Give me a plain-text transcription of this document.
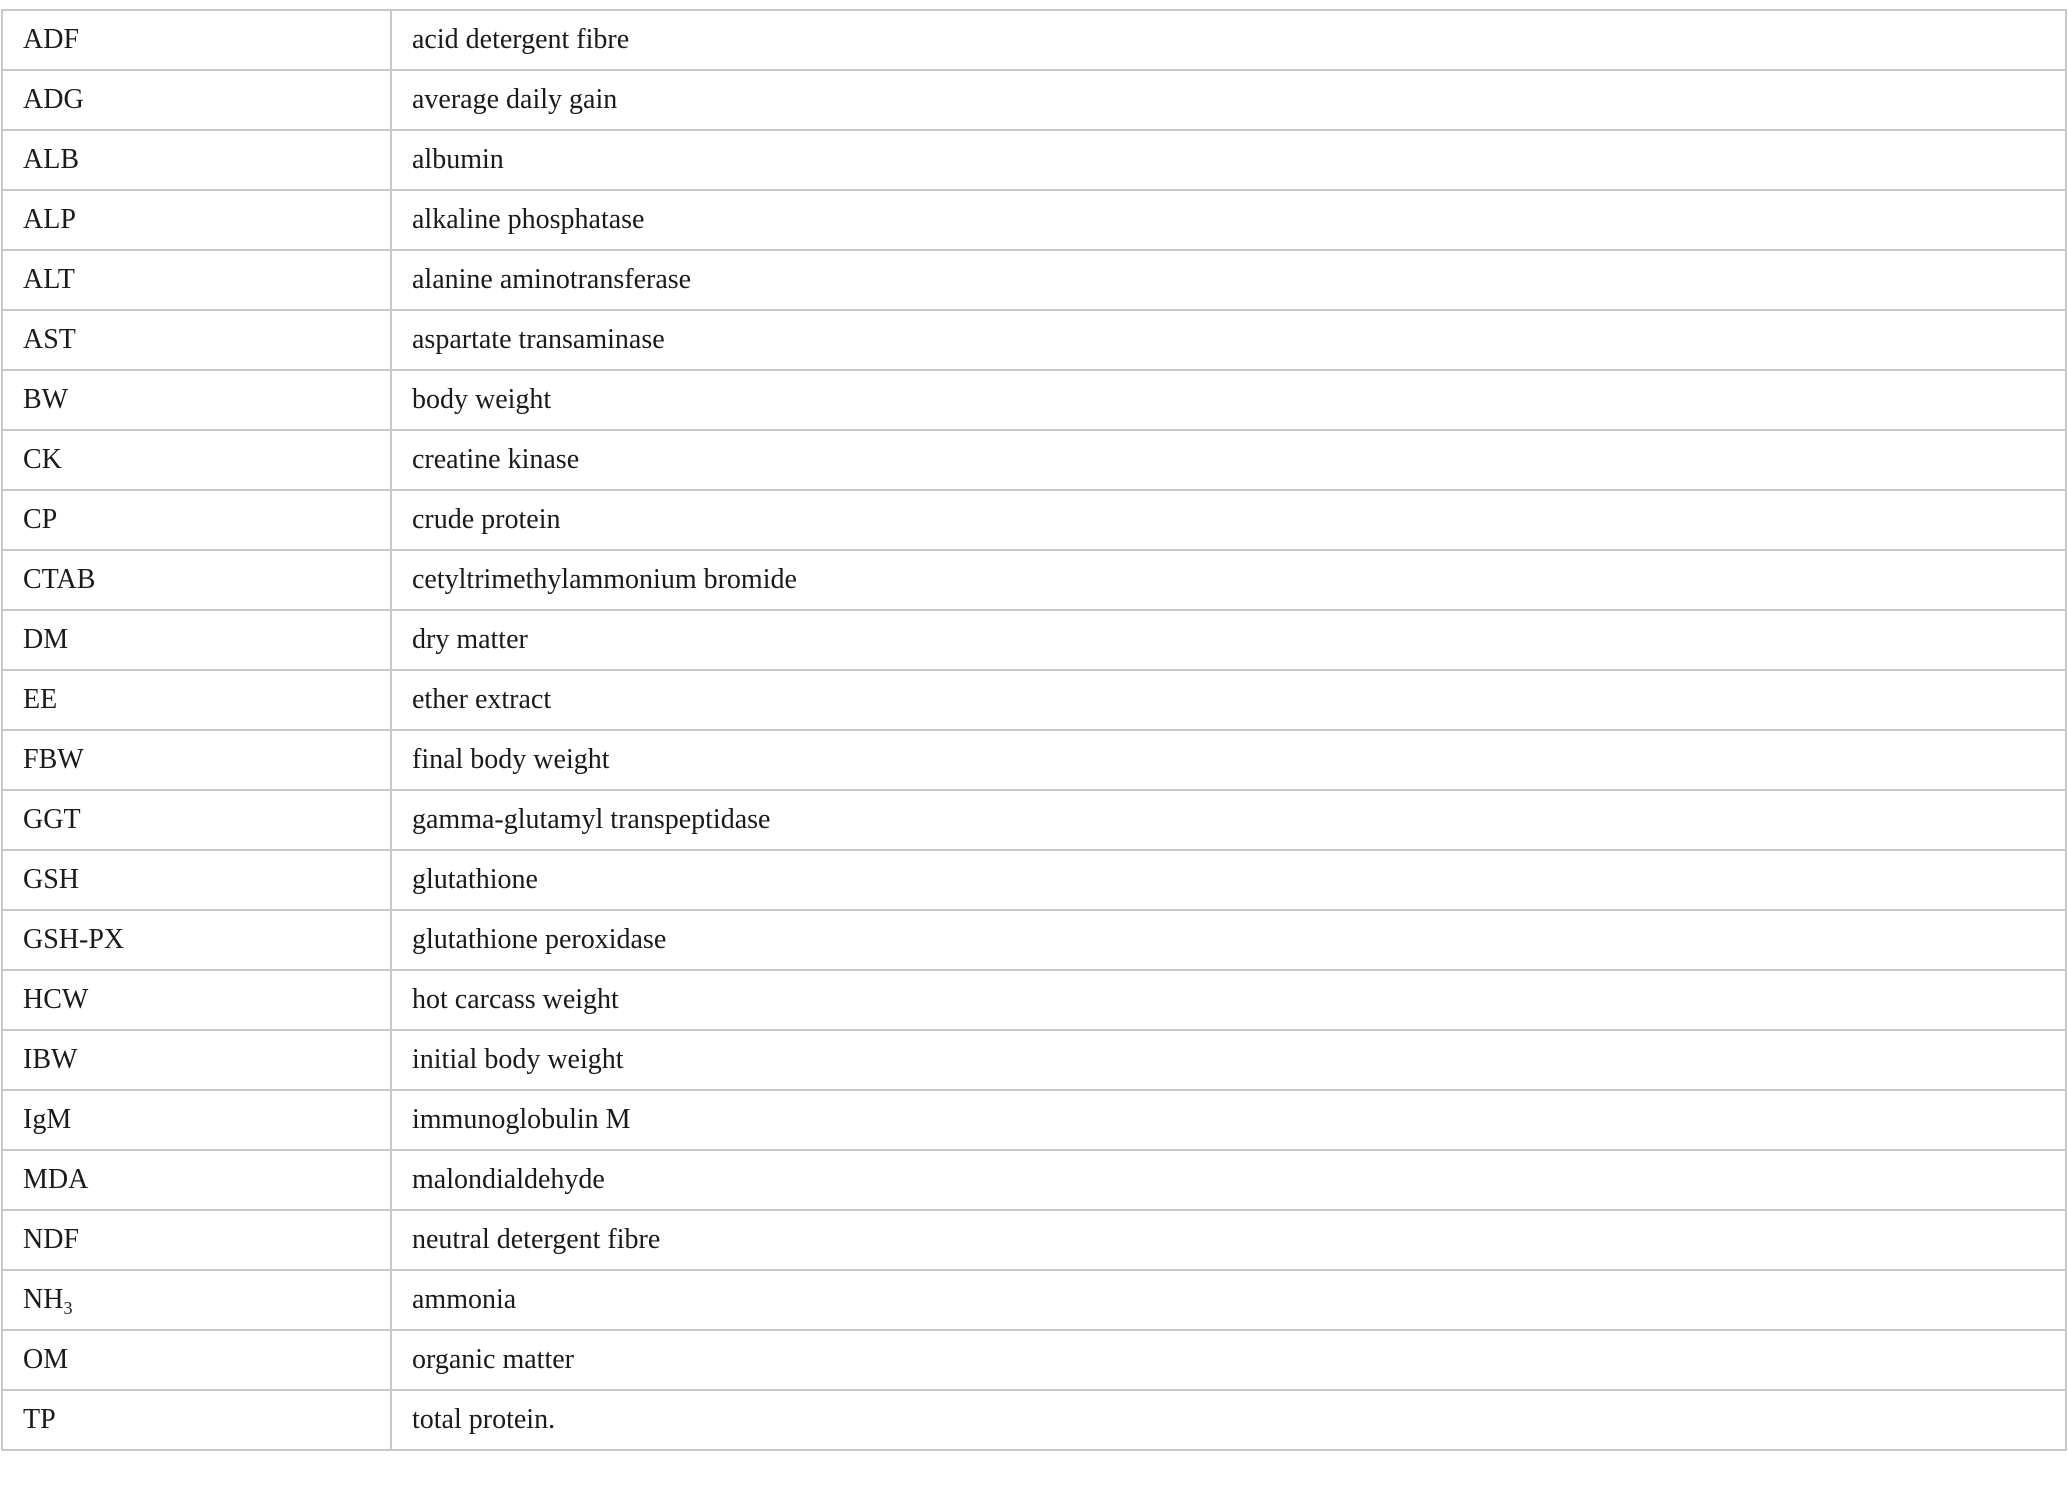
ADF	acid detergent fibre
ADG	average daily gain
ALB	albumin
ALP	alkaline phosphatase
ALT	alanine aminotransferase
AST	aspartate transaminase
BW	body weight
CK	creatine kinase
CP	crude protein
CTAB	cetyltrimethylammonium bromide
DM	dry matter
EE	ether extract
FBW	final body weight
GGT	gamma-glutamyl transpeptidase
GSH	glutathione
GSH-PX	glutathione peroxidase
HCW	hot carcass weight
IBW	initial body weight
IgM	immunoglobulin M
MDA	malondialdehyde
NDF	neutral detergent fibre
$NH_3$	ammonia
OM	organic matter
TP	total protein.
